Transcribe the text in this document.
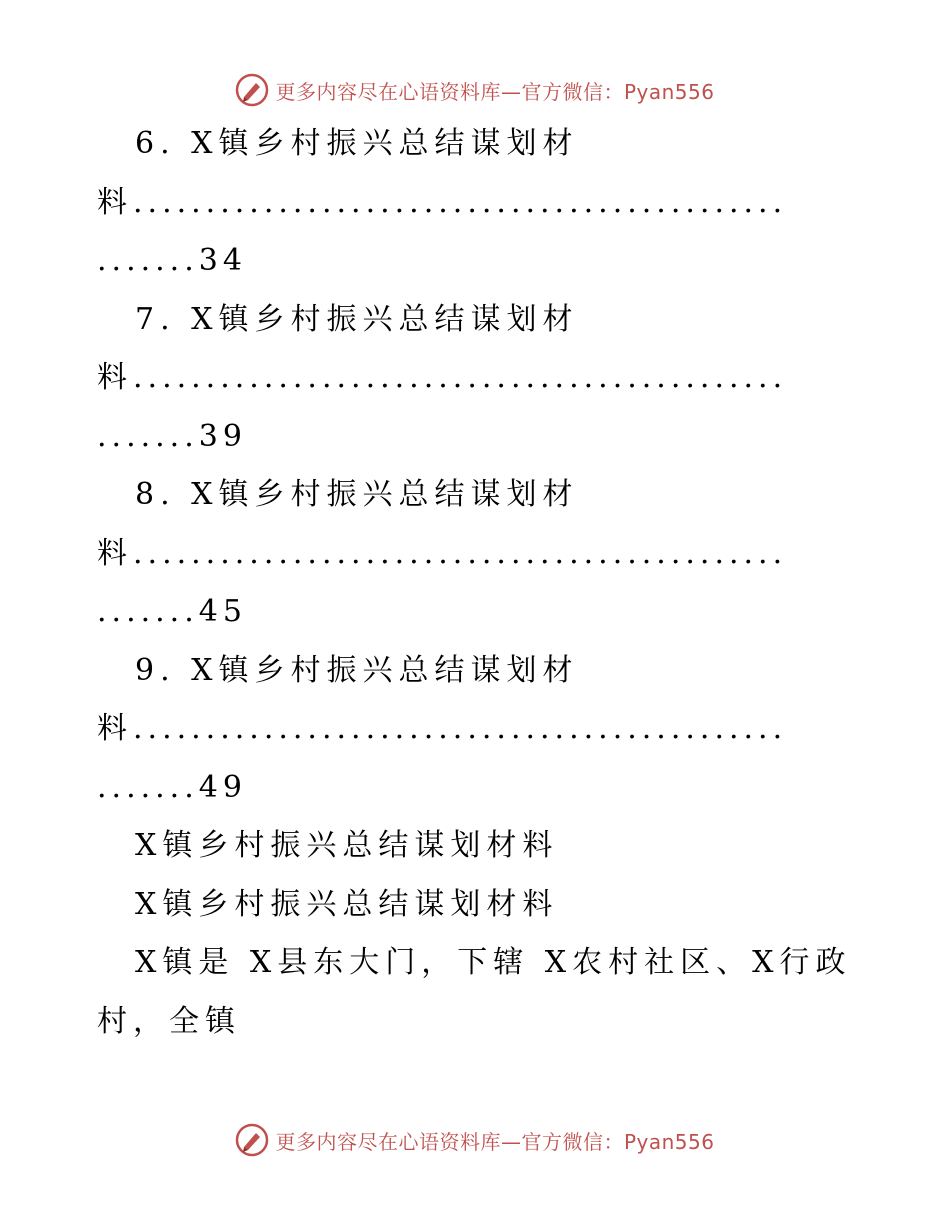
更多内容尽在心语资料库—官方微信：Pyan556
6. X镇乡村振兴总结谋划材
料.............................................
.......34
7. X镇乡村振兴总结谋划材
料.............................................
.......39
8. X镇乡村振兴总结谋划材
料.............................................
.......45
9. X镇乡村振兴总结谋划材
料.............................................
.......49
X镇乡村振兴总结谋划材料
X镇乡村振兴总结谋划材料
X镇是 X县东大门，下辖 X农村社区、X行政
村，全镇
更多内容尽在心语资料库—官方微信：Pyan556
